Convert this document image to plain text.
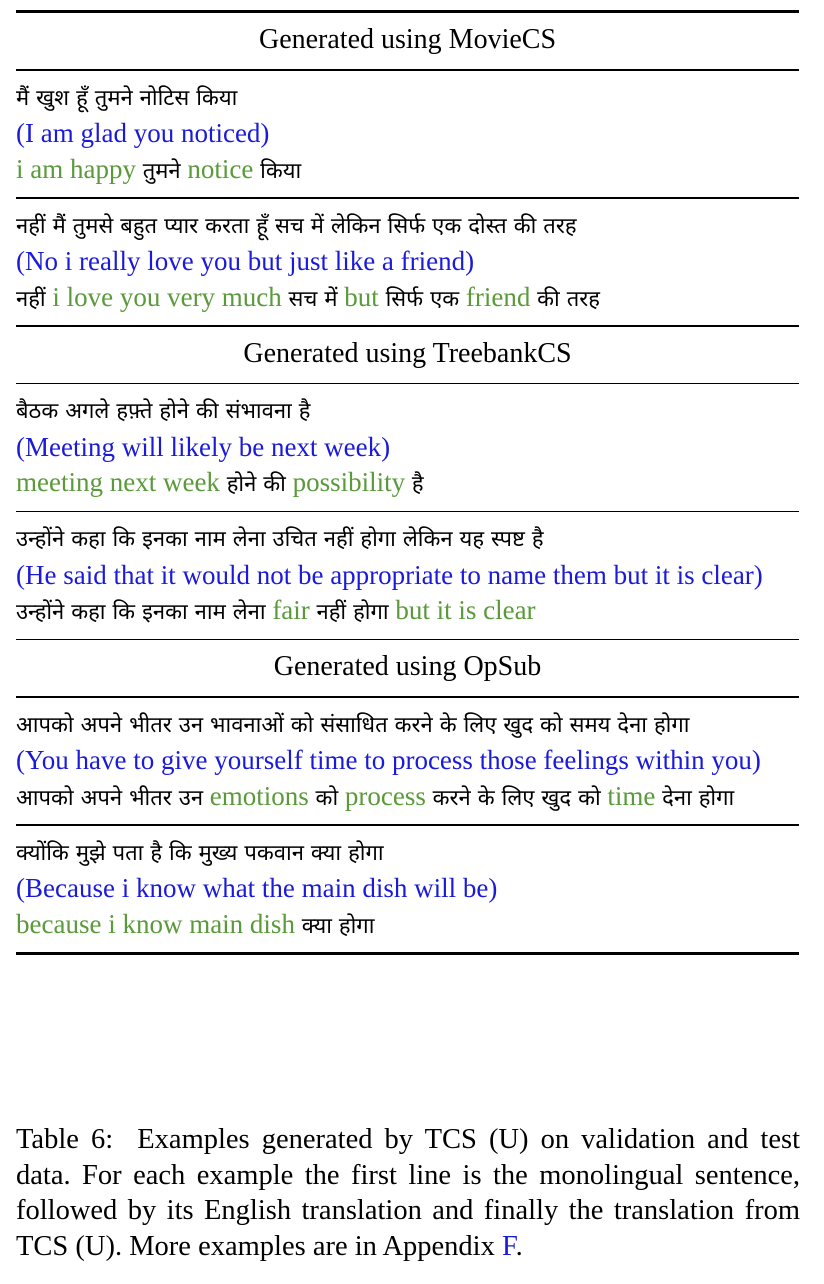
Generated using MovieCS
मैं खुश हूँ तुमने नोटिस किया
(I am glad you noticed)
i am happy तुमने notice किया
नहीं मैं तुमसे बहुत प्यार करता हूँ सच में लेकिन सिर्फ एक दोस्त की तरह
(No i really love you but just like a friend)
नहीं i love you very much सच में but सिर्फ एक friend की तरह
Generated using TreebankCS
बैठक अगले हफ़्ते होने की संभावना है
(Meeting will likely be next week)
meeting next week होने की possibility है
उन्होंने कहा कि इनका नाम लेना उचित नहीं होगा लेकिन यह स्पष्ट है
(He said that it would not be appropriate to name them but it is clear)
उन्होंने कहा कि इनका नाम लेना fair नहीं होगा but it is clear
Generated using OpSub
आपको अपने भीतर उन भावनाओं को संसाधित करने के लिए खुद को समय देना होगा
(You have to give yourself time to process those feelings within you)
आपको अपने भीतर उन emotions को process करने के लिए खुद को time देना होगा
क्योंकि मुझे पता है कि मुख्य पकवान क्या होगा
(Because i know what the main dish will be)
because i know main dish क्या होगा
Table 6: Examples generated by TCS (U) on validation and test data. For each example the first line is the monolingual sentence, followed by its English translation and finally the translation from TCS (U). More examples are in Appendix F.
